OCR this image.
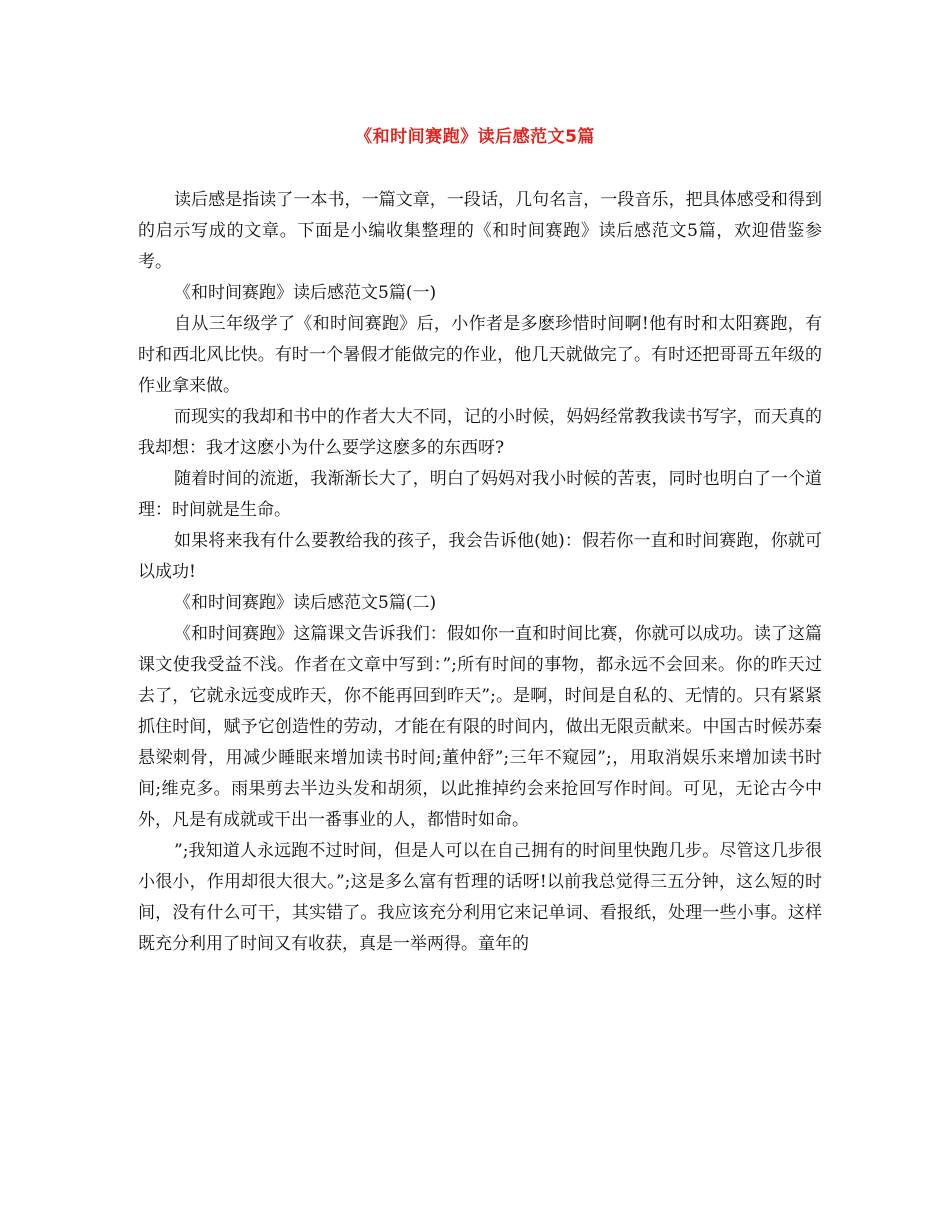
《和时间赛跑》读后感范文5篇

读后感是指读了一本书，一篇文章，一段话，几句名言，一段音乐，把具体感受和得到的启示写成的文章。下面是小编收集整理的《和时间赛跑》读后感范文5篇，欢迎借鉴参考。

《和时间赛跑》读后感范文5篇(一)

自从三年级学了《和时间赛跑》后，小作者是多麽珍惜时间啊!他有时和太阳赛跑，有时和西北风比快。有时一个暑假才能做完的作业，他几天就做完了。有时还把哥哥五年级的作业拿来做。

而现实的我却和书中的作者大大不同，记的小时候，妈妈经常教我读书写字，而天真的我却想：我才这麽小为什么要学这麽多的东西呀?

随着时间的流逝，我渐渐长大了，明白了妈妈对我小时候的苦衷，同时也明白了一个道理：时间就是生命。

如果将来我有什么要教给我的孩子，我会告诉他(她)：假若你一直和时间赛跑，你就可以成功!

《和时间赛跑》读后感范文5篇(二)

《和时间赛跑》这篇课文告诉我们：假如你一直和时间比赛，你就可以成功。读了这篇课文使我受益不浅。作者在文章中写到：”;所有时间的事物，都永远不会回来。你的昨天过去了，它就永远变成昨天，你不能再回到昨天”;。是啊，时间是自私的、无情的。只有紧紧抓住时间，赋予它创造性的劳动，才能在有限的时间内，做出无限贡献来。中国古时候苏秦悬梁刺骨，用减少睡眠来增加读书时间;董仲舒”;三年不窥园”;，用取消娱乐来增加读书时间;维克多。雨果剪去半边头发和胡须，以此推掉约会来抢回写作时间。可见，无论古今中外，凡是有成就或干出一番事业的人，都惜时如命。

”;我知道人永远跑不过时间，但是人可以在自己拥有的时间里快跑几步。尽管这几步很小很小，作用却很大很大。”;这是多么富有哲理的话呀!以前我总觉得三五分钟，这么短的时间，没有什么可干，其实错了。我应该充分利用它来记单词、看报纸，处理一些小事。这样既充分利用了时间又有收获，真是一举两得。童年的
